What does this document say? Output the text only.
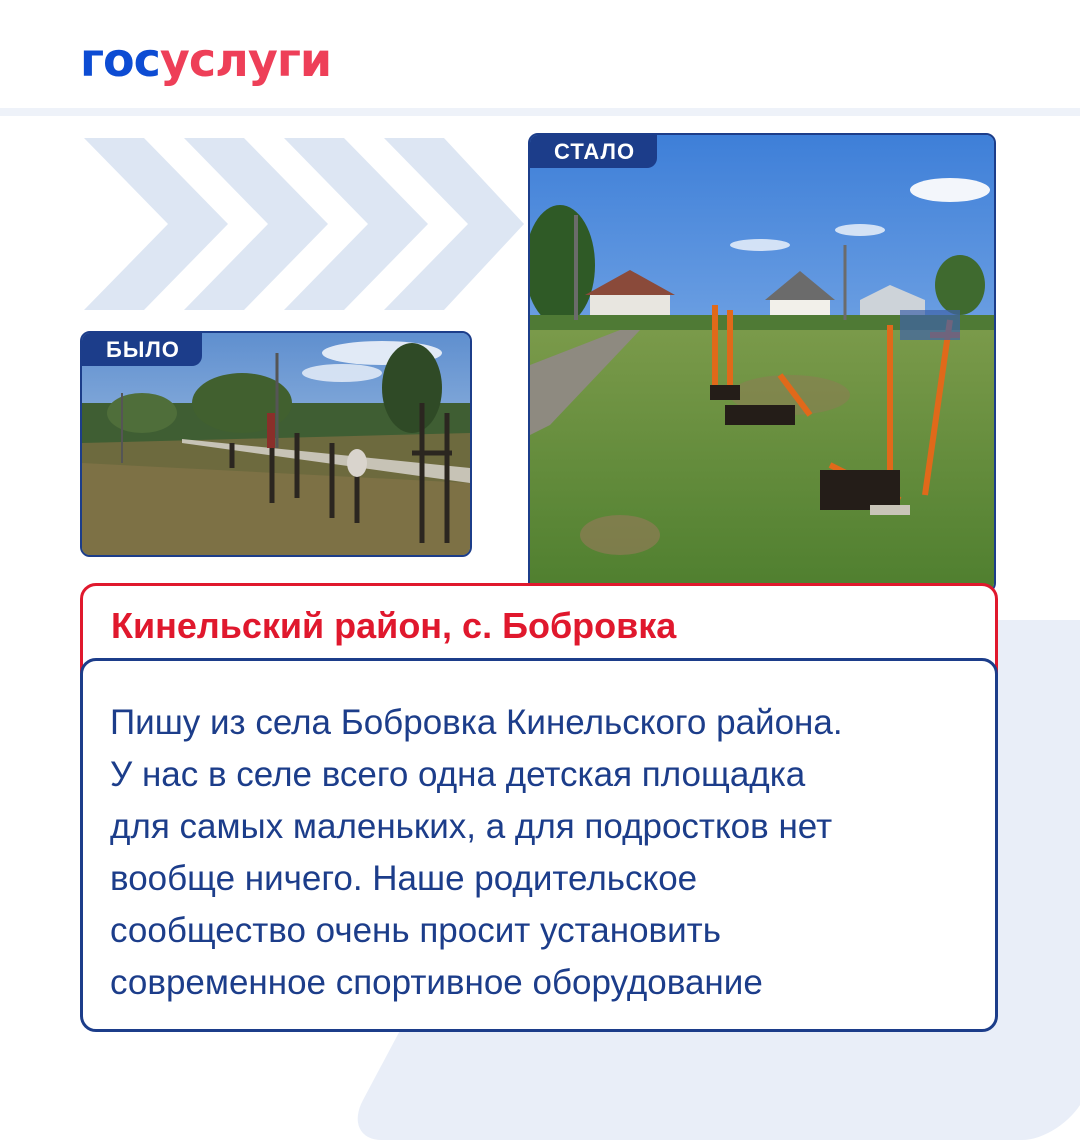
госуслуги
БЫЛО
СТАЛО
Кинельский район, с. Бобровка
Пишу из села Бобровка Кинельского района.
У нас в селе всего одна детская площадка
для самых маленьких, а для подростков нет
вообще ничего. Наше родительское
сообщество очень просит установить
современное спортивное оборудование
